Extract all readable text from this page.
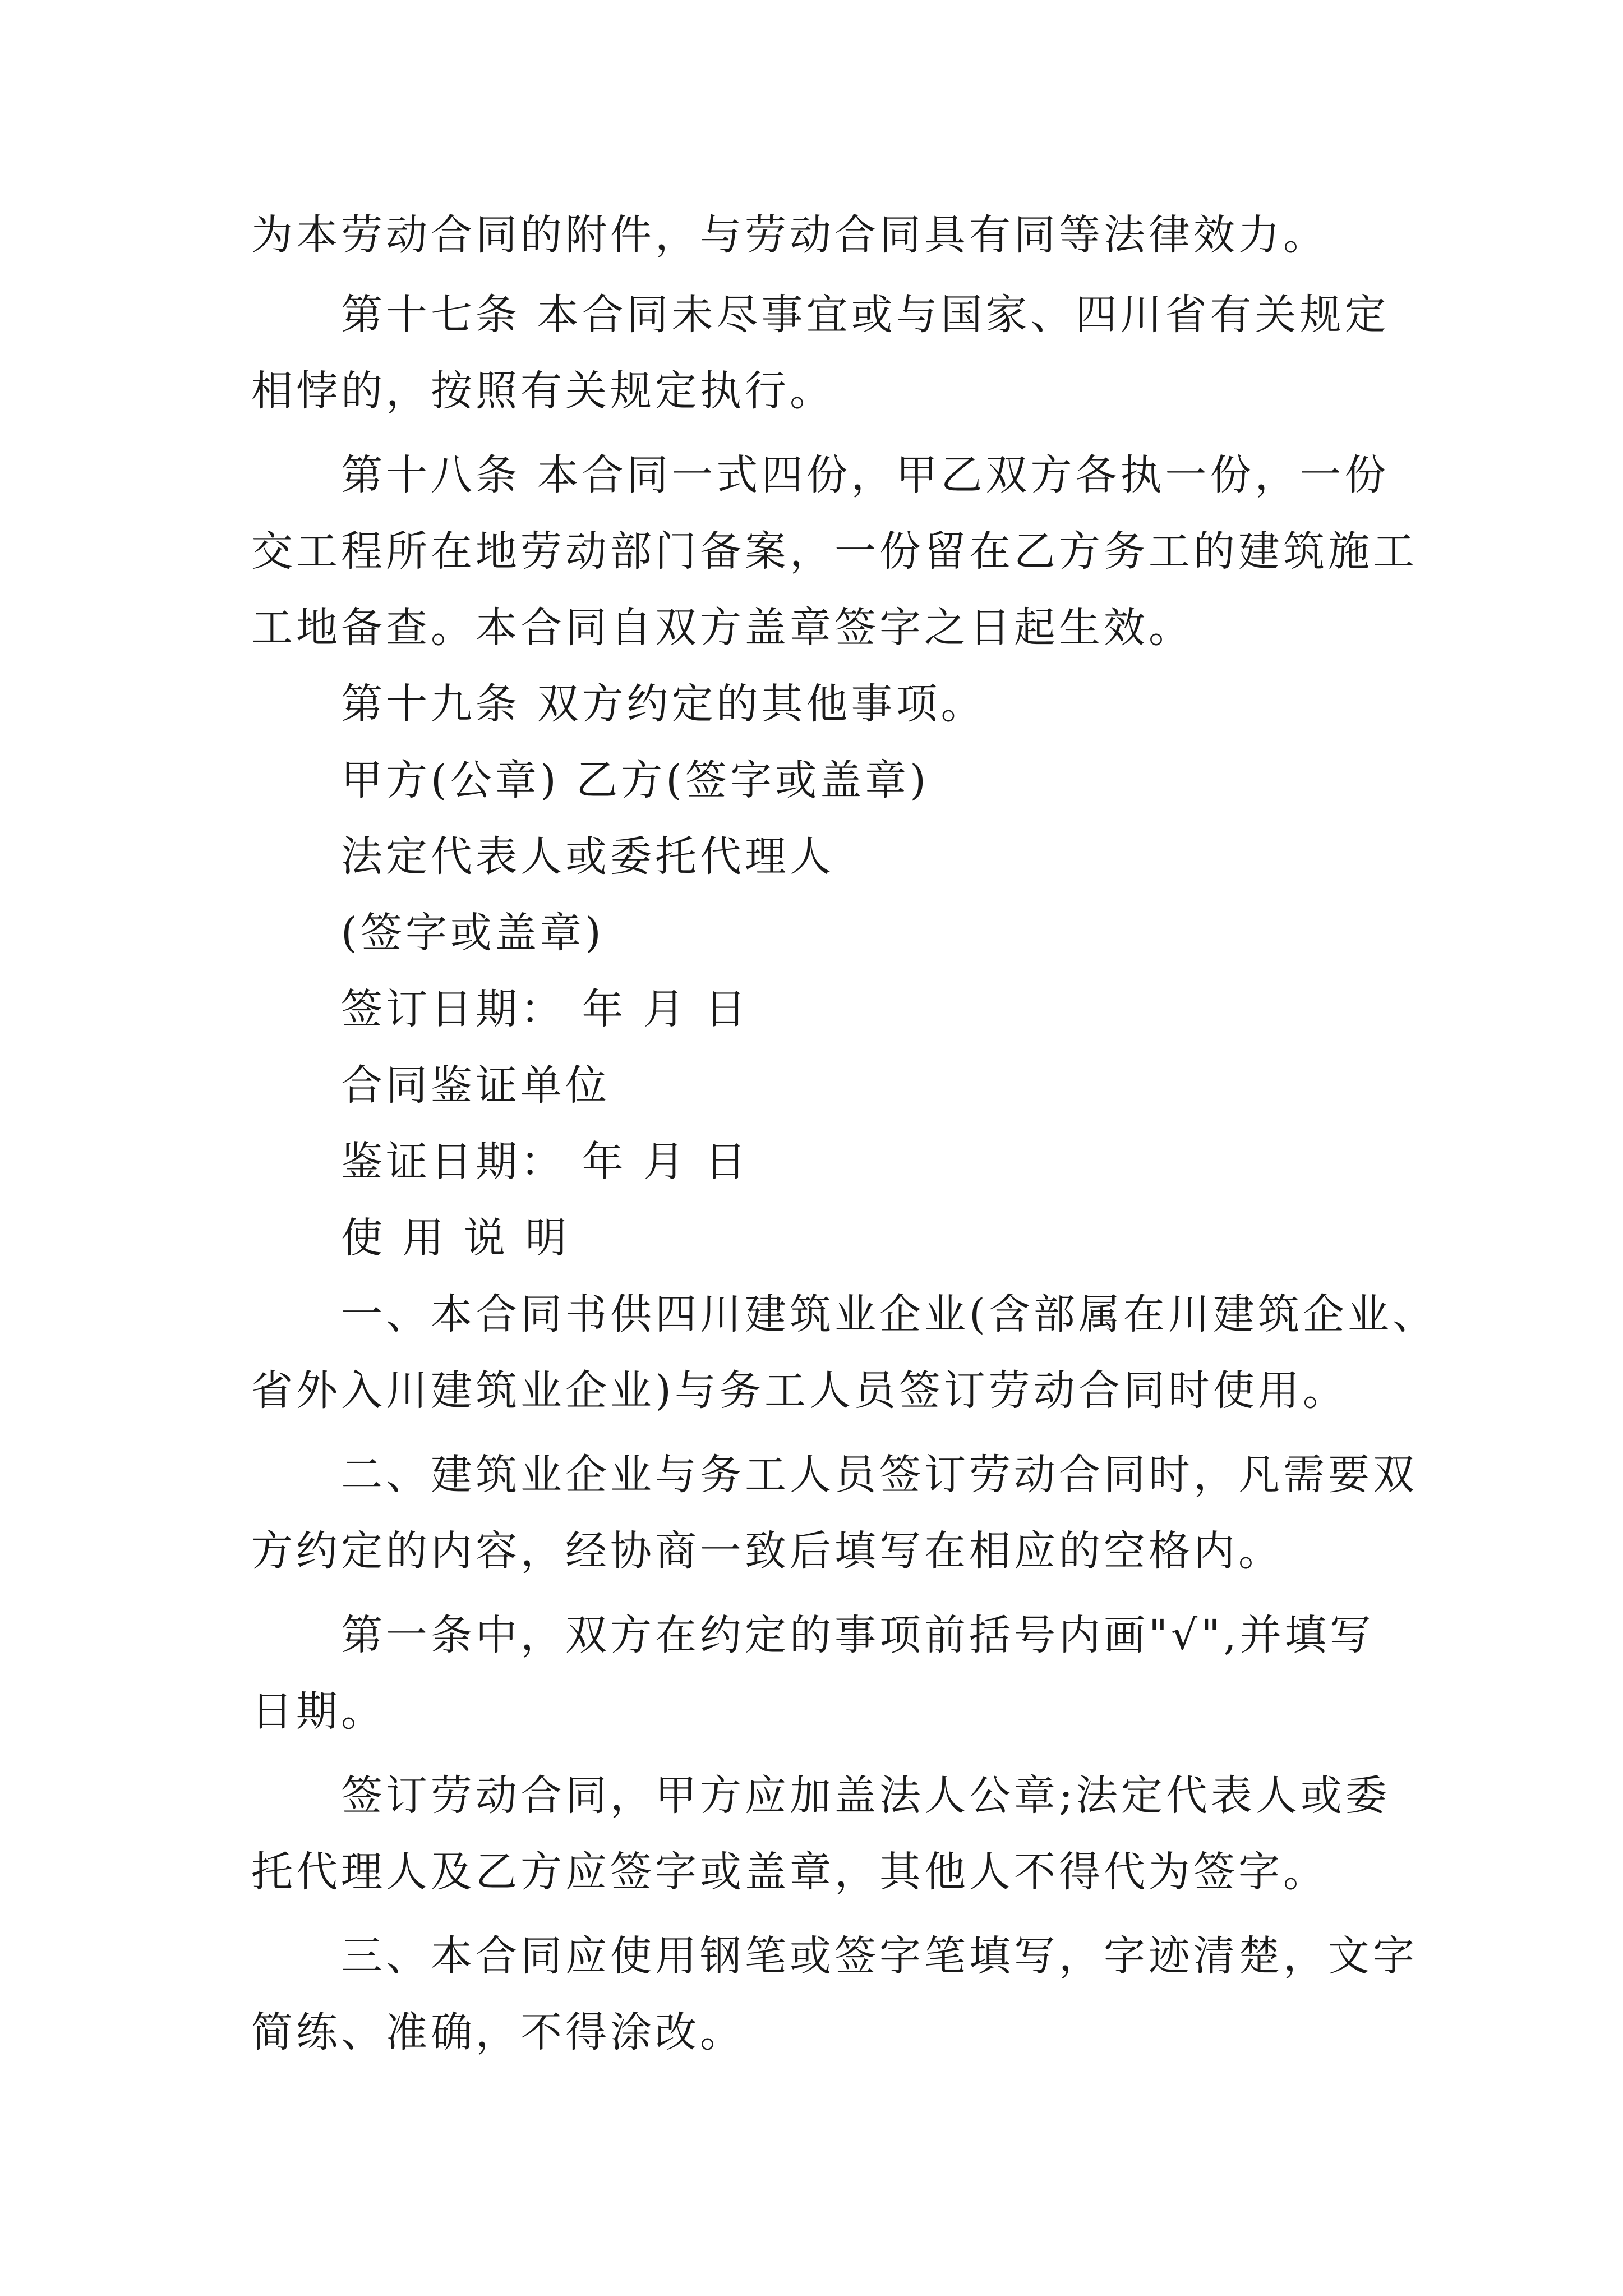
为本劳动合同的附件，与劳动合同具有同等法律效力。
第十七条 本合同未尽事宜或与国家、四川省有关规定
相悖的，按照有关规定执行。
第十八条 本合同一式四份，甲乙双方各执一份，一份
交工程所在地劳动部门备案，一份留在乙方务工的建筑施工
工地备查。本合同自双方盖章签字之日起生效。
第十九条 双方约定的其他事项。
甲方(公章) 乙方(签字或盖章)
法定代表人或委托代理人
(签字或盖章)
签订日期： 年 月 日
合同鉴证单位
鉴证日期： 年 月 日
使 用 说 明
一、本合同书供四川建筑业企业(含部属在川建筑企业、
省外入川建筑业企业)与务工人员签订劳动合同时使用。
二、建筑业企业与务工人员签订劳动合同时，凡需要双
方约定的内容，经协商一致后填写在相应的空格内。
第一条中，双方在约定的事项前括号内画"√",并填写
日期。
签订劳动合同，甲方应加盖法人公章;法定代表人或委
托代理人及乙方应签字或盖章，其他人不得代为签字。
三、本合同应使用钢笔或签字笔填写，字迹清楚，文字
简练、准确，不得涂改。
